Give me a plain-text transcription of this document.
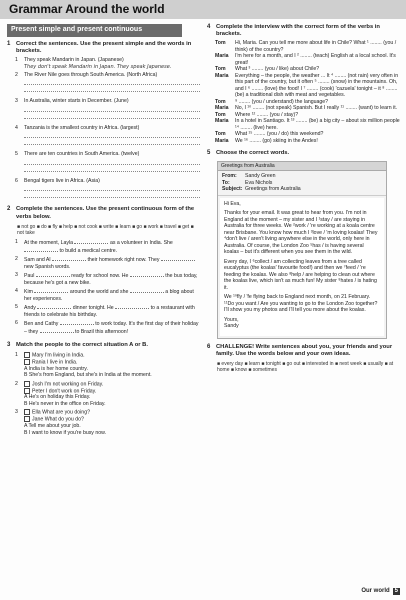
Grammar Around the world
Present simple and present continuous
1 Correct the sentences. Use the present simple and the words in brackets.
1	They speak Mandarin in Japan. (Japanese)
They don't speak Mandarin in Japan. They speak Japanese.
2	The River Nile goes through South America. (North Africa)
3	In Australia, winter starts in December. (June)
4	Tanzania is the smallest country in Africa. (largest)
5	There are ten countries in South America. (twelve)
6	Bengal tigers live in Africa. (Asia)
2 Complete the sentences. Use the present continuous form of the verbs below.
■ not go ■ do ■ fly ■ help ■ not cook ■ write ■ learn ■ go ■ work ■ travel ■ get ■ not take
1	At the moment, Layla	as a volunteer in India. She  to build a medical centre.
2	Sam and Al	their homework right now. They  new Spanish words.
3	Paul	ready for school now. He	the bus today, because he's got a new bike.
4	Kim	around the world and she	a blog about her experiences.
5	Andy	dinner tonight. He	to a restaurant with friends to celebrate his birthday.
6	Ben and Cathy	to work today. It's the first day of their holiday – they	to Brazil this afternoon!
3 Match the people to the correct situation A or B.
1	Mary I'm living in India.
Rania I live in India.
A India is her home country.
B She's from England, but she's in India at the moment.
2	Josh I'm not working on Friday.
Peter I don't work on Friday.
A He's on holiday this Friday.
B He's never in the office on Friday.
3	Ella What are you doing?
Jane What do you do?
A Tell me about your job.
B I want to know if you're busy now.
4 Complete the interview with the correct form of the verbs in brackets.
Tom	Hi, Maria. Can you tell me more about life in Chile? What ¹ ........ (you / think) of the country?
Maria	I'm here for a month, and I ² ........ (teach) English at a local school. It's great!
Tom	What ³ ........ (you / like) about Chile?
Maria	Everything – the people, the weather ... It ⁴ ........ (not rain) very often in this part of the country, but it often ⁵ ........ (snow) in the mountains. Oh, and I ⁶ ........ (love) the food! I ⁷ ........ (cook) 'cazuela' tonight – it ⁸ ........ (be) a traditional dish with meat and vegetables.
Tom	⁹ ........ (you / understand) the language?
Maria	No, I ¹⁰ ........ (not speak) Spanish. But I really ¹¹ ........ (want) to learn it.
Tom	Where ¹² ........ (you / stay)?
Maria	In a hotel in Santiago. It ¹³ ........ (be) a big city – about six million people ¹⁴ ........ (live) here.
Tom	What ¹⁵ ........ (you / do) this weekend?
Maria	We ¹⁶ ........ (go) skiing in the Andes!
5 Choose the correct words.
Greetings from Australia
From:	Sandy Green
To:	Eva Nichols
Subject: Greetings from Australia

Hi Eva,

Thanks for your email. It was great to hear from you. I'm not in England at the moment – my sister and I ¹stay / are staying in Australia for three weeks. We ²work / 're working at a koala centre near Brisbane. You know how much I ³love / 'm loving koalas! They ⁴don't live / aren't living anywhere else in the world, only here in Australia. Of course, the London Zoo ⁵has / is having several koalas – but it's different when you see them in the wild.

Every day, I ⁶collect / am collecting leaves from a tree called eucalyptus (the koalas' favourite food!) and then we ⁷feed / 're feeding the koalas. We also ⁸help / are helping to clean out where the koalas live, which isn't as much fun! My sister ⁹hates / is hating it.

We ¹⁰fly / 'fe flying back to England next month, on 21 February. ¹¹Do you want / Are you wanting to go to the London Zoo together? I'll show you my photos and I'll tell you more about the koalas.

Yours,

Sandy

6 CHALLENGE! Write sentences about you, your friends and your family. Use the words below and your own ideas.
■ every day ■ learn ■ tonight ■ go out ■ interested in ■ next week ■ usually ■ at home ■ know ■ sometimes
Our world 5
